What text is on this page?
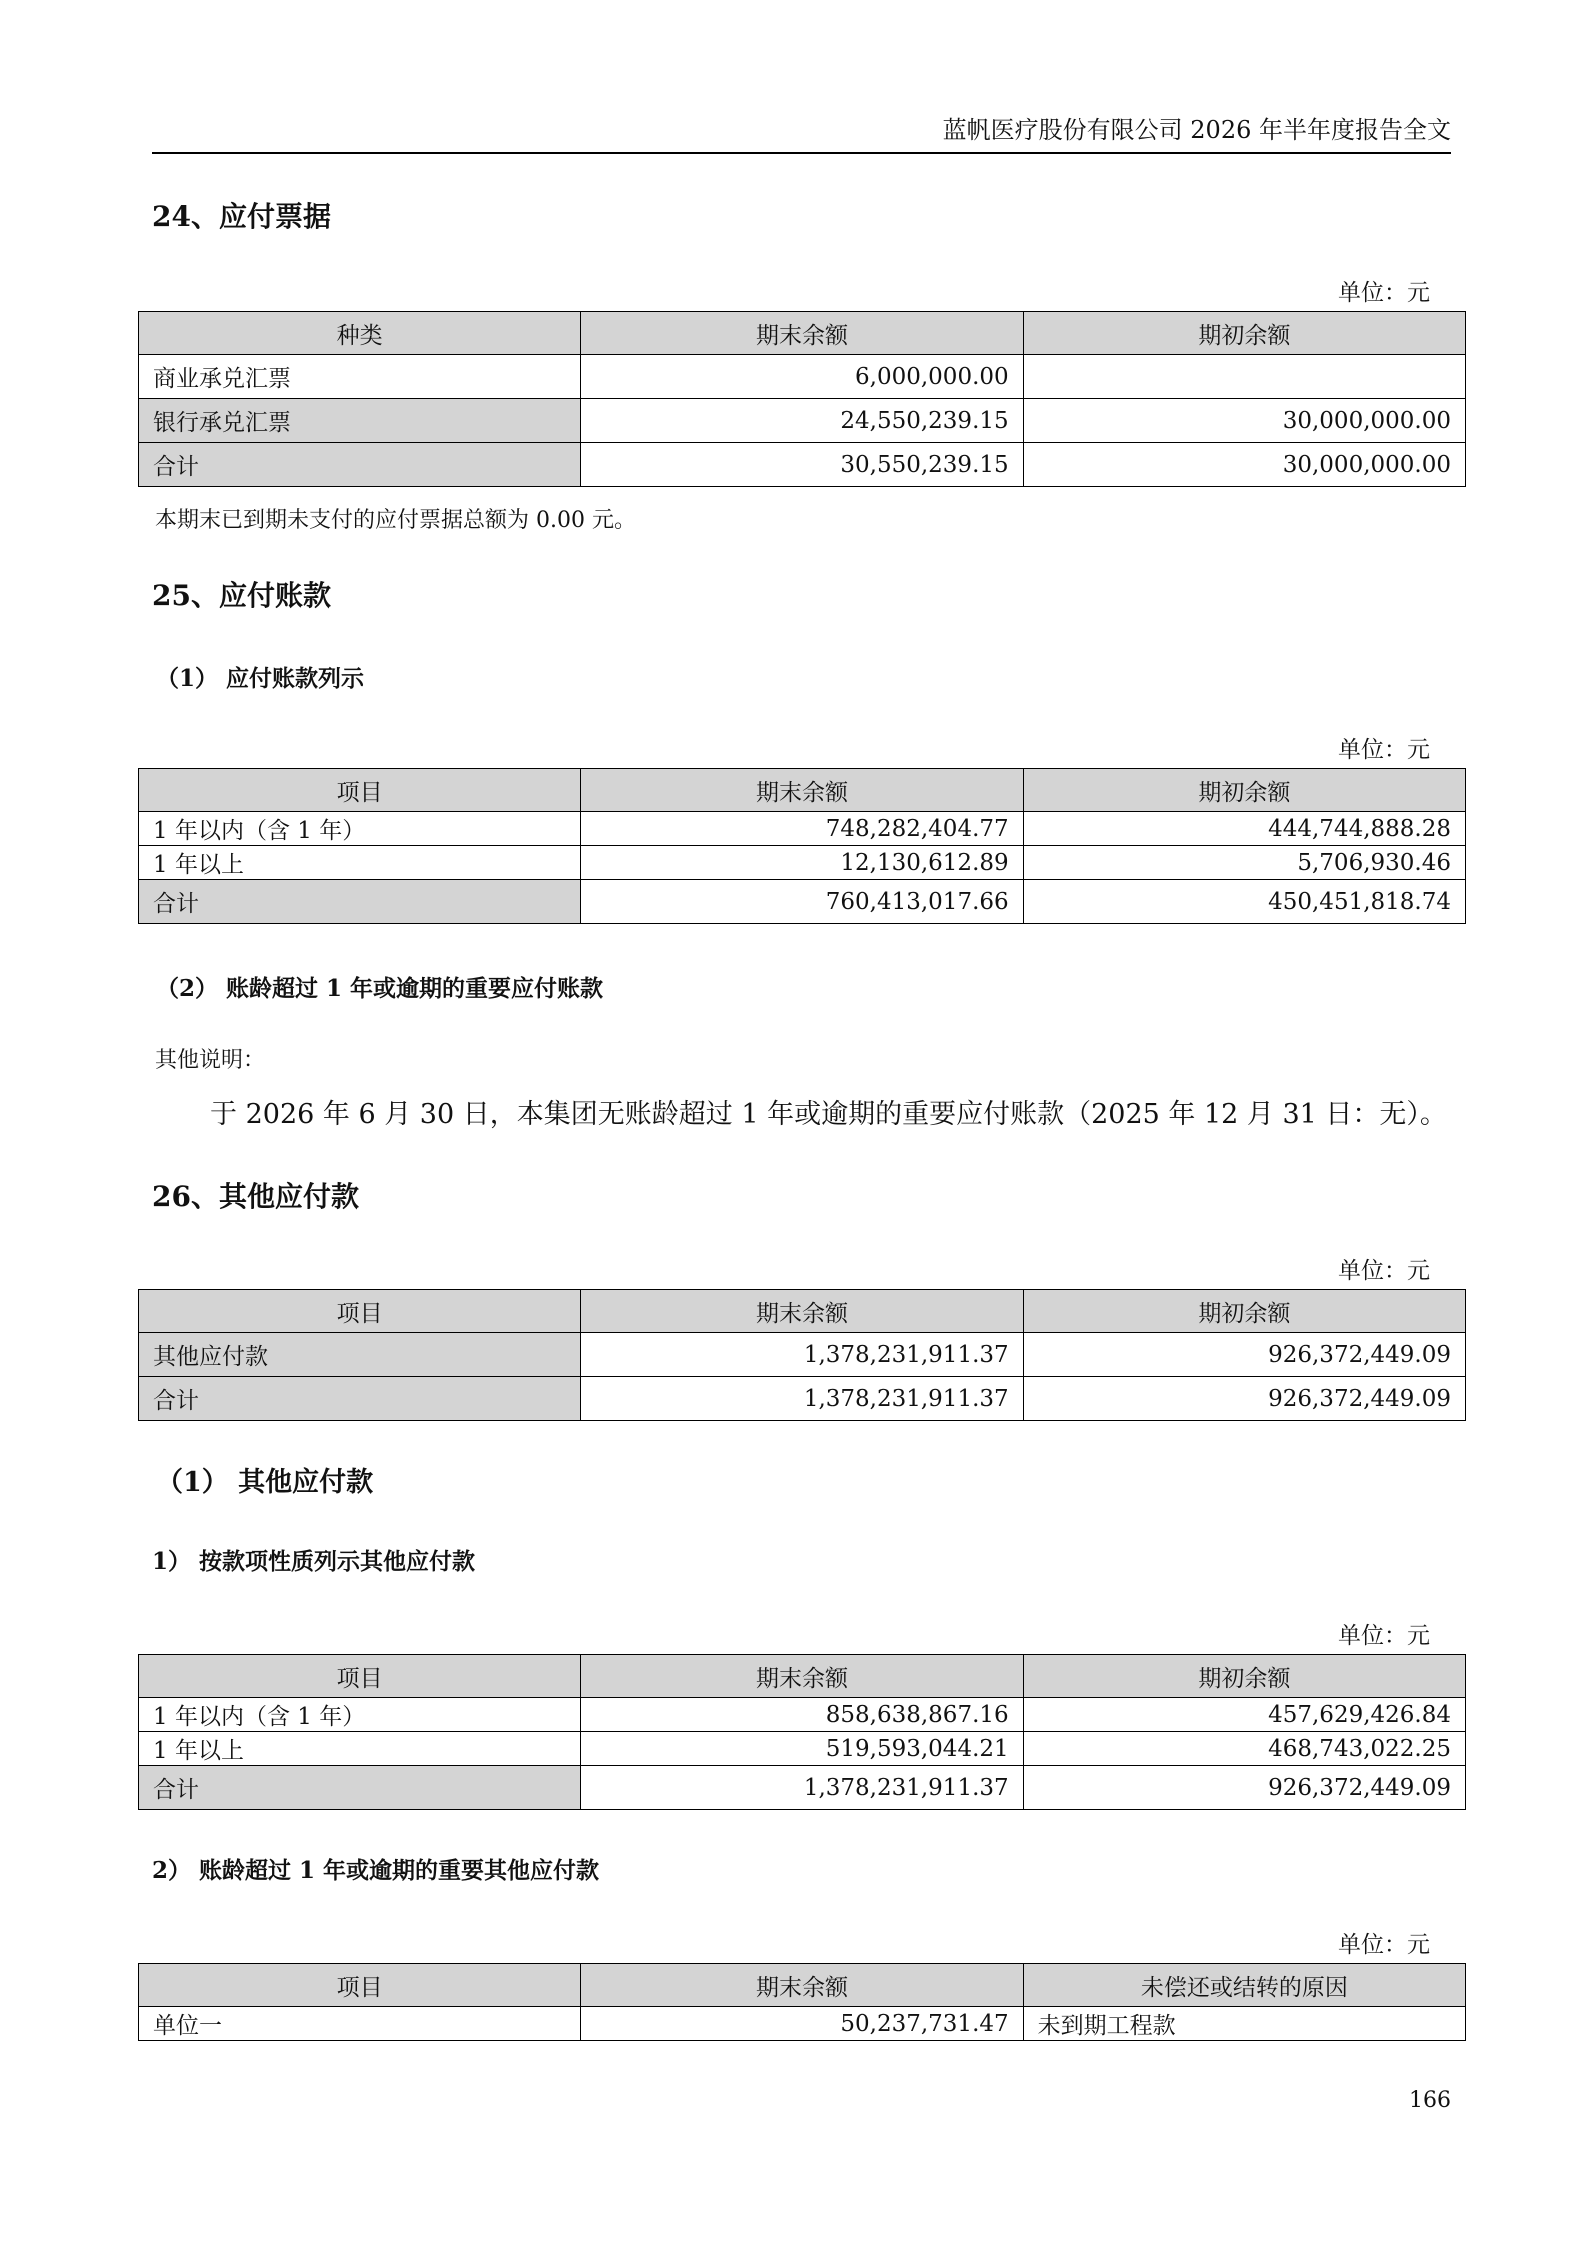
蓝帆医疗股份有限公司 2026 年半年度报告全文
24、应付票据
单位：元
种类	期末余额	期初余额
商业承兑汇票	6,000,000.00	
银行承兑汇票	24,550,239.15	30,000,000.00
合计	30,550,239.15	30,000,000.00
本期末已到期未支付的应付票据总额为 0.00 元。
25、应付账款
（1） 应付账款列示
单位：元
项目	期末余额	期初余额
1 年以内（含 1 年）	748,282,404.77	444,744,888.28
1 年以上	12,130,612.89	5,706,930.46
合计	760,413,017.66	450,451,818.74
（2） 账龄超过 1 年或逾期的重要应付账款
其他说明：
于 2026 年 6 月 30 日，本集团无账龄超过 1 年或逾期的重要应付账款（2025 年 12 月 31 日：无）。
26、其他应付款
单位：元
项目	期末余额	期初余额
其他应付款	1,378,231,911.37	926,372,449.09
合计	1,378,231,911.37	926,372,449.09
（1） 其他应付款
1） 按款项性质列示其他应付款
单位：元
项目	期末余额	期初余额
1 年以内（含 1 年）	858,638,867.16	457,629,426.84
1 年以上	519,593,044.21	468,743,022.25
合计	1,378,231,911.37	926,372,449.09
2） 账龄超过 1 年或逾期的重要其他应付款
单位：元
项目	期末余额	未偿还或结转的原因
单位一	50,237,731.47	未到期工程款
166
